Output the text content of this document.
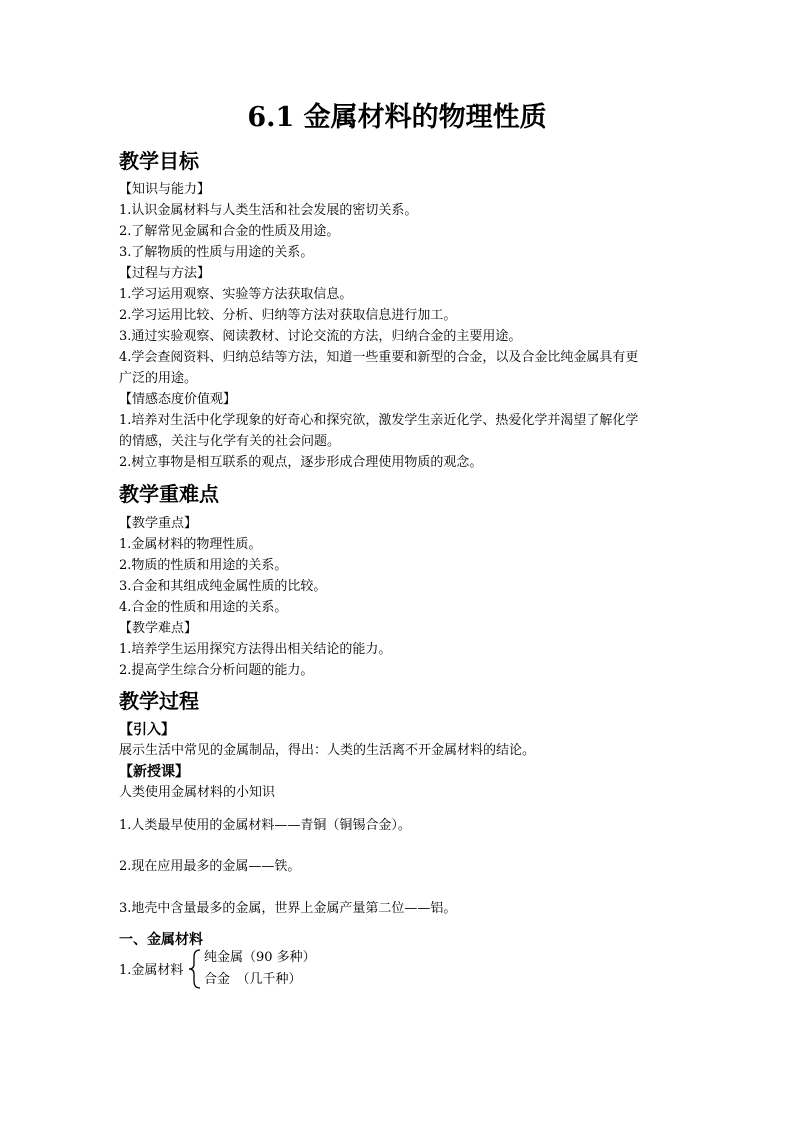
6.1 金属材料的物理性质
教学目标
【知识与能力】
1.认识金属材料与人类生活和社会发展的密切关系。
2.了解常见金属和合金的性质及用途。
3.了解物质的性质与用途的关系。
【过程与方法】
1.学习运用观察、实验等方法获取信息。
2.学习运用比较、分析、归纳等方法对获取信息进行加工。
3.通过实验观察、阅读教材、讨论交流的方法，归纳合金的主要用途。
4.学会查阅资料、归纳总结等方法，知道一些重要和新型的合金，以及合金比纯金属具有更
广泛的用途。
【情感态度价值观】
1.培养对生活中化学现象的好奇心和探究欲，激发学生亲近化学、热爱化学并渴望了解化学
的情感，关注与化学有关的社会问题。
2.树立事物是相互联系的观点，逐步形成合理使用物质的观念。
教学重难点
【教学重点】
1.金属材料的物理性质。
2.物质的性质和用途的关系。
3.合金和其组成纯金属性质的比较。
4.合金的性质和用途的关系。
【教学难点】
1.培养学生运用探究方法得出相关结论的能力。
2.提高学生综合分析问题的能力。
教学过程
【引入】
展示生活中常见的金属制品，得出：人类的生活离不开金属材料的结论。
【新授课】
人类使用金属材料的小知识
1.人类最早使用的金属材料——青铜（铜锡合金）。
2.现在应用最多的金属——铁。
3.地壳中含量最多的金属，世界上金属产量第二位——铝。
一、金属材料
1.金属材料
纯金属（90 多种）
合金　（几千种）
